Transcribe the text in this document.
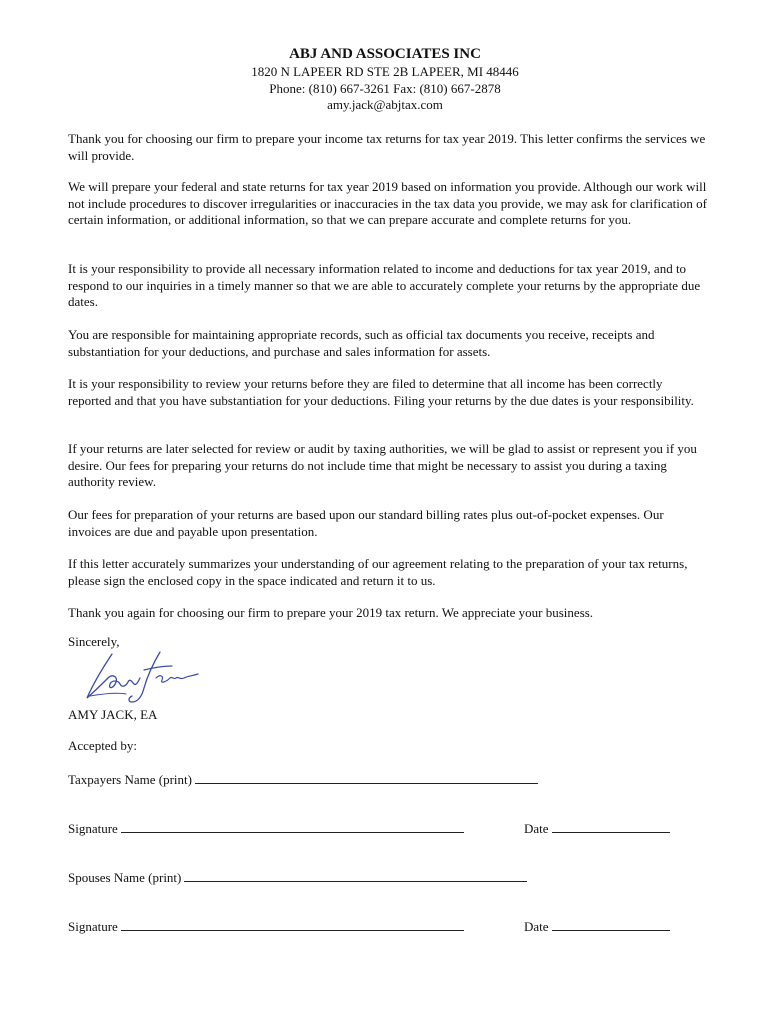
ABJ AND ASSOCIATES INC
1820 N LAPEER RD STE 2B LAPEER, MI 48446
Phone: (810) 667-3261 Fax: (810) 667-2878
amy.jack@abjtax.com

Thank you for choosing our firm to prepare your income tax returns for tax year 2019. This letter confirms the services we will provide.

We will prepare your federal and state returns for tax year 2019 based on information you provide. Although our work will not include procedures to discover irregularities or inaccuracies in the tax data you provide, we may ask for clarification of certain information, or additional information, so that we can prepare accurate and complete returns for you.

It is your responsibility to provide all necessary information related to income and deductions for tax year 2019, and to respond to our inquiries in a timely manner so that we are able to accurately complete your returns by the appropriate due dates.

You are responsible for maintaining appropriate records, such as official tax documents you receive, receipts and substantiation for your deductions, and purchase and sales information for assets.

It is your responsibility to review your returns before they are filed to determine that all income has been correctly reported and that you have substantiation for your deductions. Filing your returns by the due dates is your responsibility.

If your returns are later selected for review or audit by taxing authorities, we will be glad to assist or represent you if you desire. Our fees for preparing your returns do not include time that might be necessary to assist you during a taxing authority review.

Our fees for preparation of your returns are based upon our standard billing rates plus out-of-pocket expenses. Our invoices are due and payable upon presentation.

If this letter accurately summarizes your understanding of our agreement relating to the preparation of your tax returns, please sign the enclosed copy in the space indicated and return it to us.

Thank you again for choosing our firm to prepare your 2019 tax return. We appreciate your business.

Sincerely,
AMY JACK, EA
Accepted by:
Taxpayers Name (print)
Signature	Date
Spouses Name (print)
Signature	Date
